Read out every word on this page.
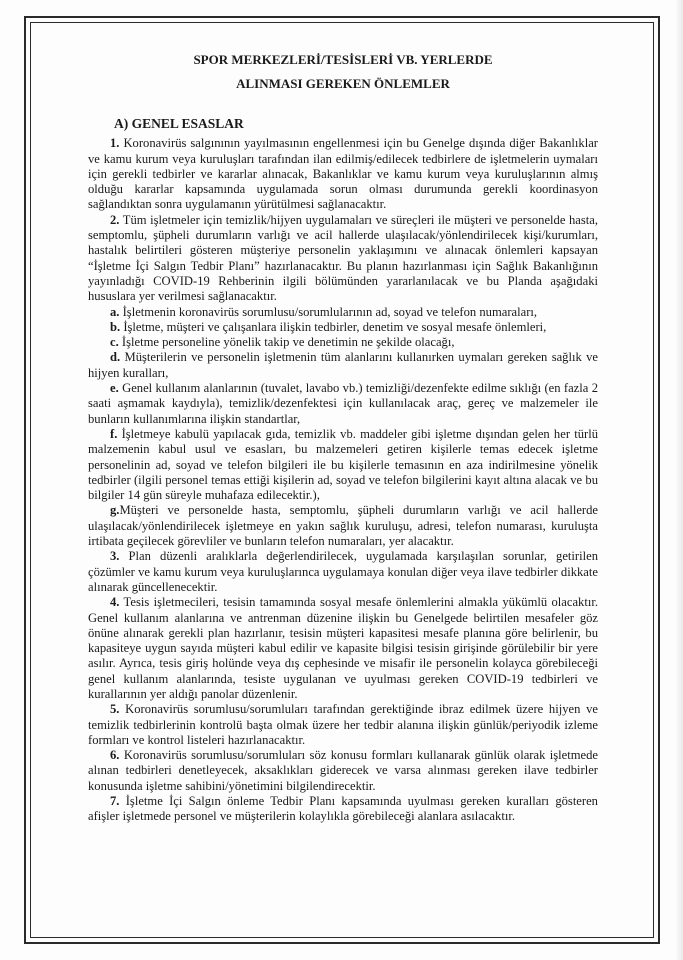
SPOR MERKEZLERİ/TESİSLERİ VB. YERLERDE

ALINMASI GEREKEN ÖNLEMLER

A) GENEL ESASLAR

1. Koronavirüs salgınının yayılmasının engellenmesi için bu Genelge dışında diğer Bakanlıklar ve kamu kurum veya kuruluşları tarafından ilan edilmiş/edilecek tedbirlere de işletmelerin uymaları için gerekli tedbirler ve kararlar alınacak, Bakanlıklar ve kamu kurum veya kuruluşlarının almış olduğu kararlar kapsamında uygulamada sorun olması durumunda gerekli koordinasyon sağlandıktan sonra uygulamanın yürütülmesi sağlanacaktır.

2. Tüm işletmeler için temizlik/hijyen uygulamaları ve süreçleri ile müşteri ve personelde hasta, semptomlu, şüpheli durumların varlığı ve acil hallerde ulaşılacak/yönlendirilecek kişi/kurumları, hastalık belirtileri gösteren müşteriye personelin yaklaşımını ve alınacak önlemleri kapsayan “İşletme İçi Salgın Tedbir Planı” hazırlanacaktır. Bu planın hazırlanması için Sağlık Bakanlığının yayınladığı COVID-19 Rehberinin ilgili bölümünden yararlanılacak ve bu Planda aşağıdaki hususlara yer verilmesi sağlanacaktır.

a. İşletmenin koronavirüs sorumlusu/sorumlularının ad, soyad ve telefon numaraları,

b. İşletme, müşteri ve çalışanlara ilişkin tedbirler, denetim ve sosyal mesafe önlemleri,

c. İşletme personeline yönelik takip ve denetimin ne şekilde olacağı,

d. Müşterilerin ve personelin işletmenin tüm alanlarını kullanırken uymaları gereken sağlık ve hijyen kuralları,

e. Genel kullanım alanlarının (tuvalet, lavabo vb.) temizliği/dezenfekte edilme sıklığı (en fazla 2 saati aşmamak kaydıyla), temizlik/dezenfektesi için kullanılacak araç, gereç ve malzemeler ile bunların kullanımlarına ilişkin standartlar,

f. İşletmeye kabulü yapılacak gıda, temizlik vb. maddeler gibi işletme dışından gelen her türlü malzemenin kabul usul ve esasları, bu malzemeleri getiren kişilerle temas edecek işletme personelinin ad, soyad ve telefon bilgileri ile bu kişilerle temasının en aza indirilmesine yönelik tedbirler (ilgili personel temas ettiği kişilerin ad, soyad ve telefon bilgilerini kayıt altına alacak ve bu bilgiler 14 gün süreyle muhafaza edilecektir.),

g.Müşteri ve personelde hasta, semptomlu, şüpheli durumların varlığı ve acil hallerde ulaşılacak/yönlendirilecek işletmeye en yakın sağlık kuruluşu, adresi, telefon numarası, kuruluşta irtibata geçilecek görevliler ve bunların telefon numaraları, yer alacaktır.

3. Plan düzenli aralıklarla değerlendirilecek, uygulamada karşılaşılan sorunlar, getirilen çözümler ve kamu kurum veya kuruluşlarınca uygulamaya konulan diğer veya ilave tedbirler dikkate alınarak güncellenecektir.

4. Tesis işletmecileri, tesisin tamamında sosyal mesafe önlemlerini almakla yükümlü olacaktır. Genel kullanım alanlarına ve antrenman düzenine ilişkin bu Genelgede belirtilen mesafeler göz önüne alınarak gerekli plan hazırlanır, tesisin müşteri kapasitesi mesafe planına göre belirlenir, bu kapasiteye uygun sayıda müşteri kabul edilir ve kapasite bilgisi tesisin girişinde görülebilir bir yere asılır. Ayrıca, tesis giriş holünde veya dış cephesinde ve misafir ile personelin kolayca görebileceği genel kullanım alanlarında, tesiste uygulanan ve uyulması gereken COVID-19 tedbirleri ve kurallarının yer aldığı panolar düzenlenir.

5. Koronavirüs sorumlusu/sorumluları tarafından gerektiğinde ibraz edilmek üzere hijyen ve temizlik tedbirlerinin kontrolü başta olmak üzere her tedbir alanına ilişkin günlük/periyodik izleme formları ve kontrol listeleri hazırlanacaktır.

6. Koronavirüs sorumlusu/sorumluları söz konusu formları kullanarak günlük olarak işletmede alınan tedbirleri denetleyecek, aksaklıkları giderecek ve varsa alınması gereken ilave tedbirler konusunda işletme sahibini/yönetimini bilgilendirecektir.

7. İşletme İçi Salgın önleme Tedbir Planı kapsamında uyulması gereken kuralları gösteren afişler işletmede personel ve müşterilerin kolaylıkla görebileceği alanlara asılacaktır.
